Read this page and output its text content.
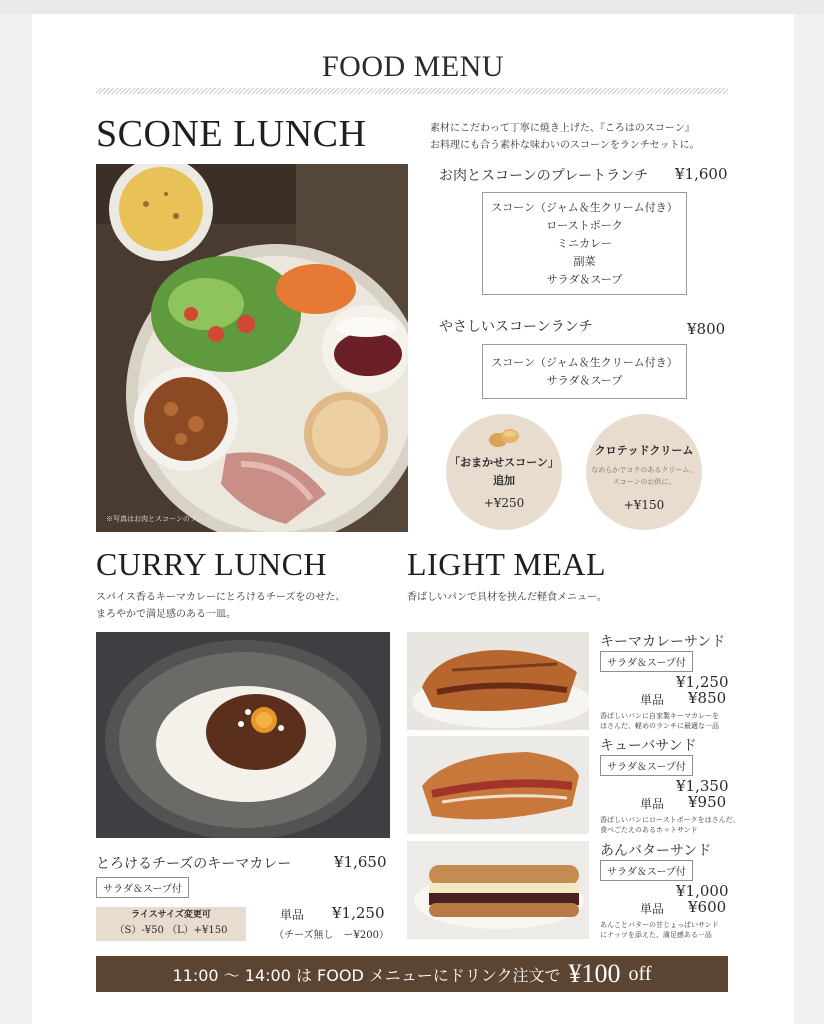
FOOD MENU
SCONE LUNCH	素材にこだわって丁寧に焼き上げた、『ころはのスコーン』
お料理にも合う素朴な味わいのスコーンをランチセットに。
※写真はお肉とスコーンのプレートランチです
お肉とスコーンのプレートランチ ¥1,600
スコーン（ジャム＆生クリーム付き）
ローストポーク
ミニカレー
副菜
サラダ＆スープ
やさしいスコーンランチ	¥800
スコーン（ジャム＆生クリーム付き）
サラダ＆スープ
「おまかせスコーン」
追加
+¥250
クロテッドクリーム
なめらかでコクのあるクリーム。
スコーンのお供に。
+¥150
CURRY LUNCH
スパイス香るキーマカレーにとろけるチーズをのせた、
まろやかで満足感のある一皿。
とろけるチーズのキーマカレー	¥1,650
サラダ＆スープ付
ライスサイズ変更可
（S）-¥50 （L）+¥150
単品 ¥1,250
（チーズ無し　ー¥200）
LIGHT MEAL
香ばしいパンで具材を挟んだ軽食メニュー。
キーマカレーサンド
サラダ＆スープ付
¥1,250
単品 ¥850
香ばしいパンに自家製キーマカレーを
はさんだ、軽めのランチに最適な一品
キューバサンド
サラダ＆スープ付
¥1,350
単品 ¥950
香ばしいパンにローストポークをはさんだ、
食べごたえのあるホットサンド
あんバターサンド
サラダ＆スープ付
¥1,000
単品 ¥600
あんことバターの甘じょっぱいサンド
にナッツを添えた、満足感ある一品
11:00 〜 14:00 は FOOD メニューにドリンク注文で ¥100 off
